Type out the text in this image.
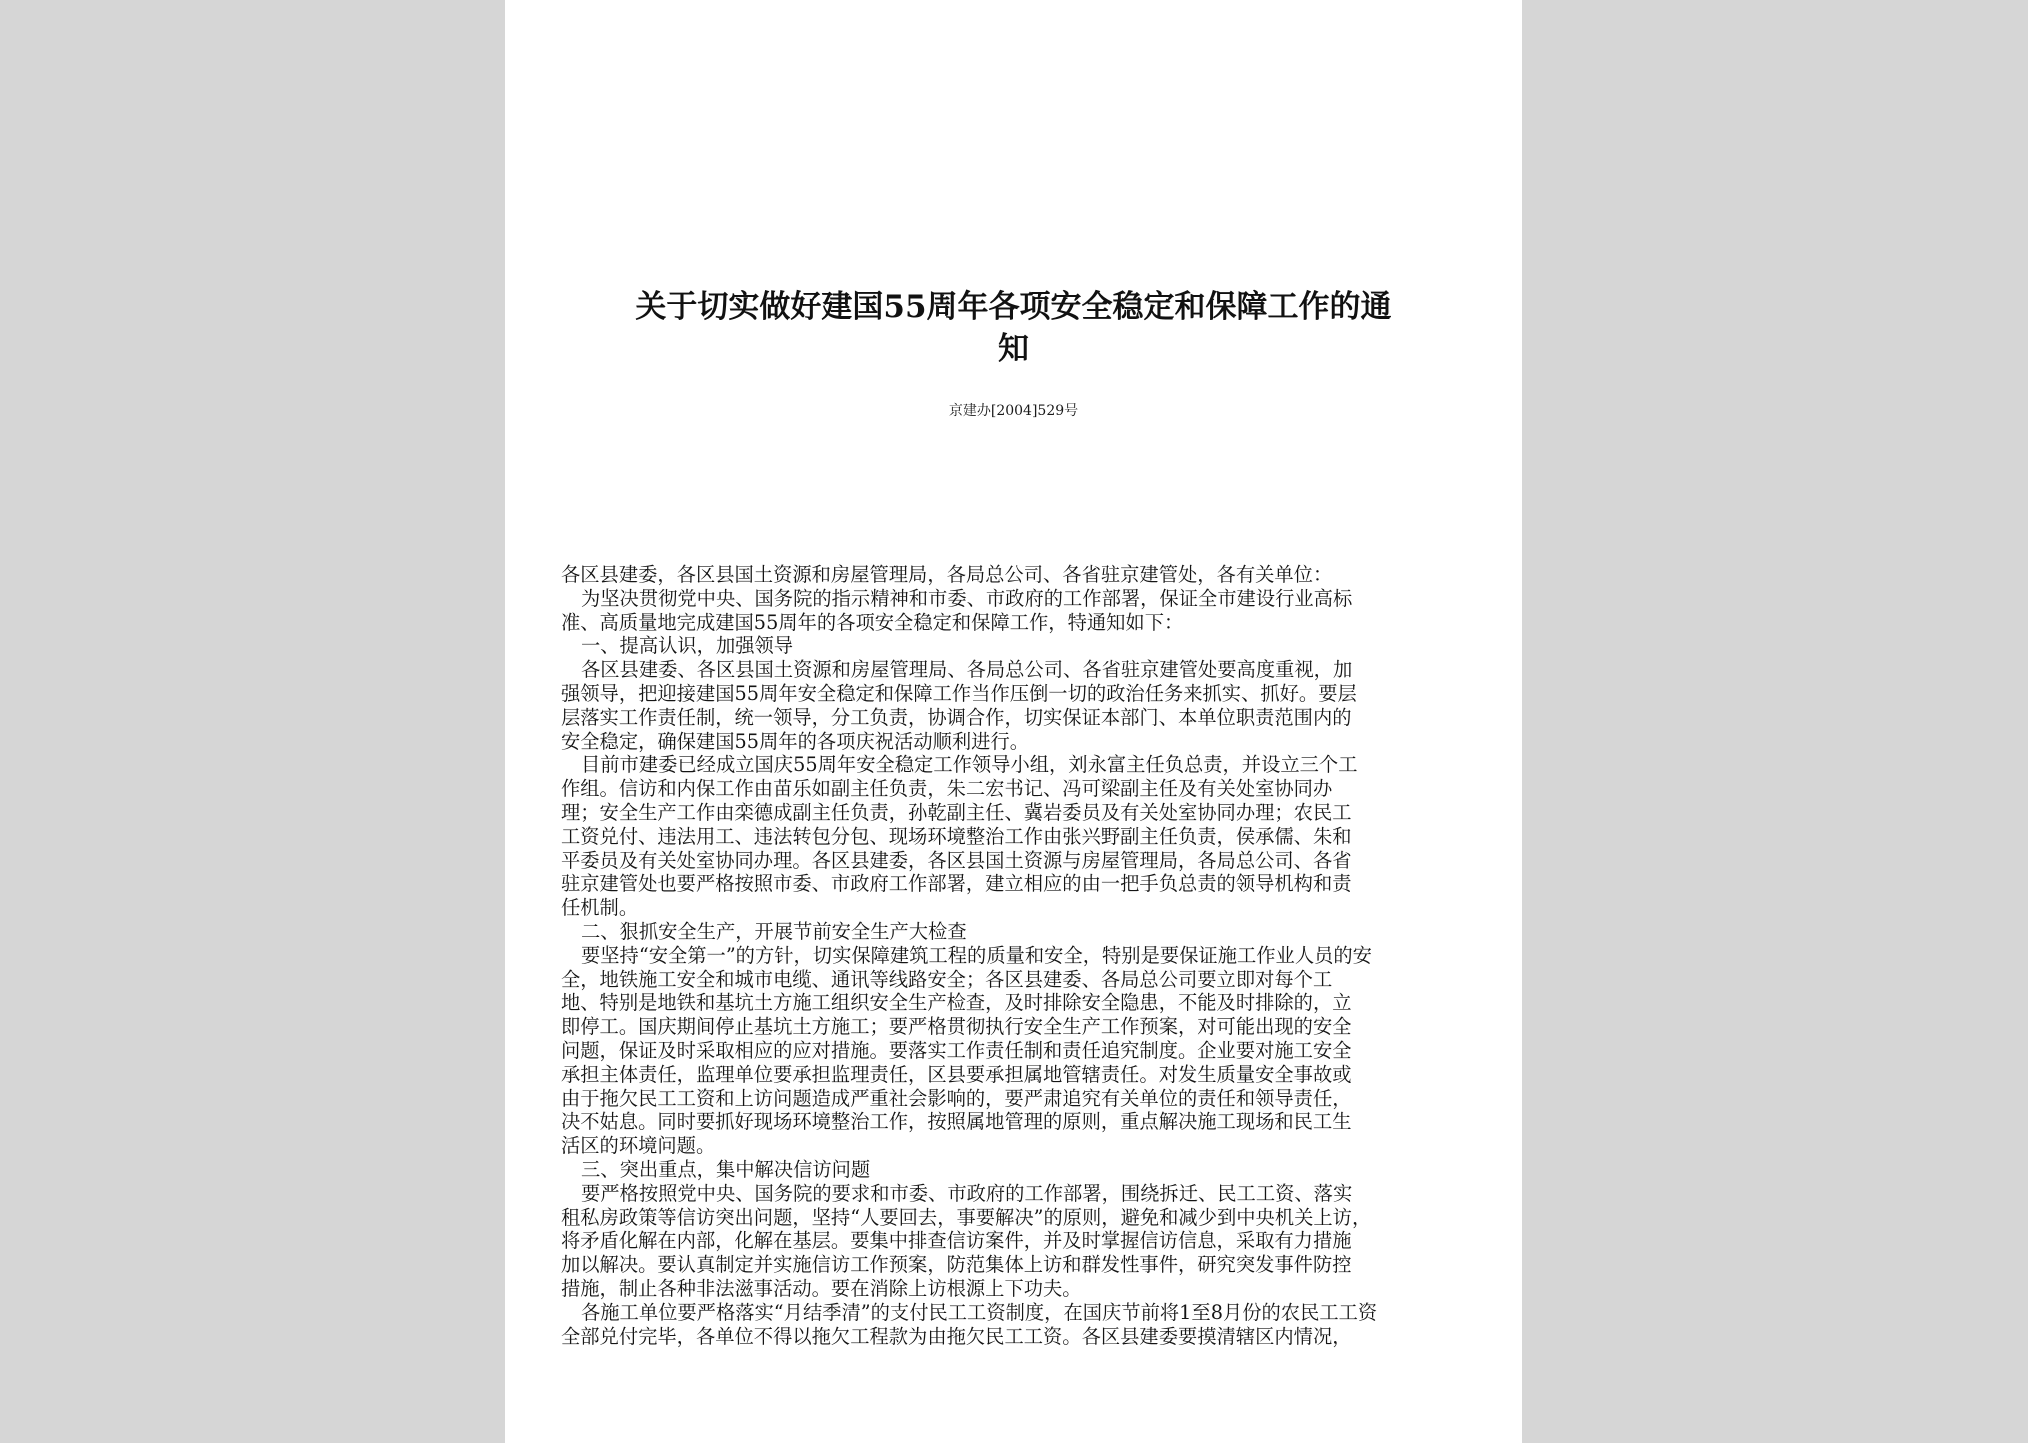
关于切实做好建国55周年各项安全稳定和保障工作的通
知
京建办[2004]529号
各区县建委，各区县国土资源和房屋管理局，各局总公司、各省驻京建管处，各有关单位：
为坚决贯彻党中央、国务院的指示精神和市委、市政府的工作部署，保证全市建设行业高标
准、高质量地完成建国55周年的各项安全稳定和保障工作，特通知如下：
一、提高认识，加强领导
各区县建委、各区县国土资源和房屋管理局、各局总公司、各省驻京建管处要高度重视，加
强领导，把迎接建国55周年安全稳定和保障工作当作压倒一切的政治任务来抓实、抓好。要层
层落实工作责任制，统一领导，分工负责，协调合作，切实保证本部门、本单位职责范围内的
安全稳定，确保建国55周年的各项庆祝活动顺利进行。
目前市建委已经成立国庆55周年安全稳定工作领导小组，刘永富主任负总责，并设立三个工
作组。信访和内保工作由苗乐如副主任负责，朱二宏书记、冯可梁副主任及有关处室协同办
理；安全生产工作由栾德成副主任负责，孙乾副主任、冀岩委员及有关处室协同办理；农民工
工资兑付、违法用工、违法转包分包、现场环境整治工作由张兴野副主任负责，侯承儒、朱和
平委员及有关处室协同办理。各区县建委，各区县国土资源与房屋管理局，各局总公司、各省
驻京建管处也要严格按照市委、市政府工作部署，建立相应的由一把手负总责的领导机构和责
任机制。
二、狠抓安全生产，开展节前安全生产大检查
要坚持“安全第一”的方针，切实保障建筑工程的质量和安全，特别是要保证施工作业人员的安
全，地铁施工安全和城市电缆、通讯等线路安全；各区县建委、各局总公司要立即对每个工
地、特别是地铁和基坑土方施工组织安全生产检查，及时排除安全隐患，不能及时排除的，立
即停工。国庆期间停止基坑土方施工；要严格贯彻执行安全生产工作预案，对可能出现的安全
问题，保证及时采取相应的应对措施。要落实工作责任制和责任追究制度。企业要对施工安全
承担主体责任，监理单位要承担监理责任，区县要承担属地管辖责任。对发生质量安全事故或
由于拖欠民工工资和上访问题造成严重社会影响的，要严肃追究有关单位的责任和领导责任，
决不姑息。同时要抓好现场环境整治工作，按照属地管理的原则，重点解决施工现场和民工生
活区的环境问题。
三、突出重点，集中解决信访问题
要严格按照党中央、国务院的要求和市委、市政府的工作部署，围绕拆迁、民工工资、落实
租私房政策等信访突出问题，坚持“人要回去，事要解决”的原则，避免和减少到中央机关上访，
将矛盾化解在内部，化解在基层。要集中排查信访案件，并及时掌握信访信息，采取有力措施
加以解决。要认真制定并实施信访工作预案，防范集体上访和群发性事件，研究突发事件防控
措施，制止各种非法滋事活动。要在消除上访根源上下功夫。
各施工单位要严格落实“月结季清”的支付民工工资制度，在国庆节前将1至8月份的农民工工资
全部兑付完毕，各单位不得以拖欠工程款为由拖欠民工工资。各区县建委要摸清辖区内情况，
